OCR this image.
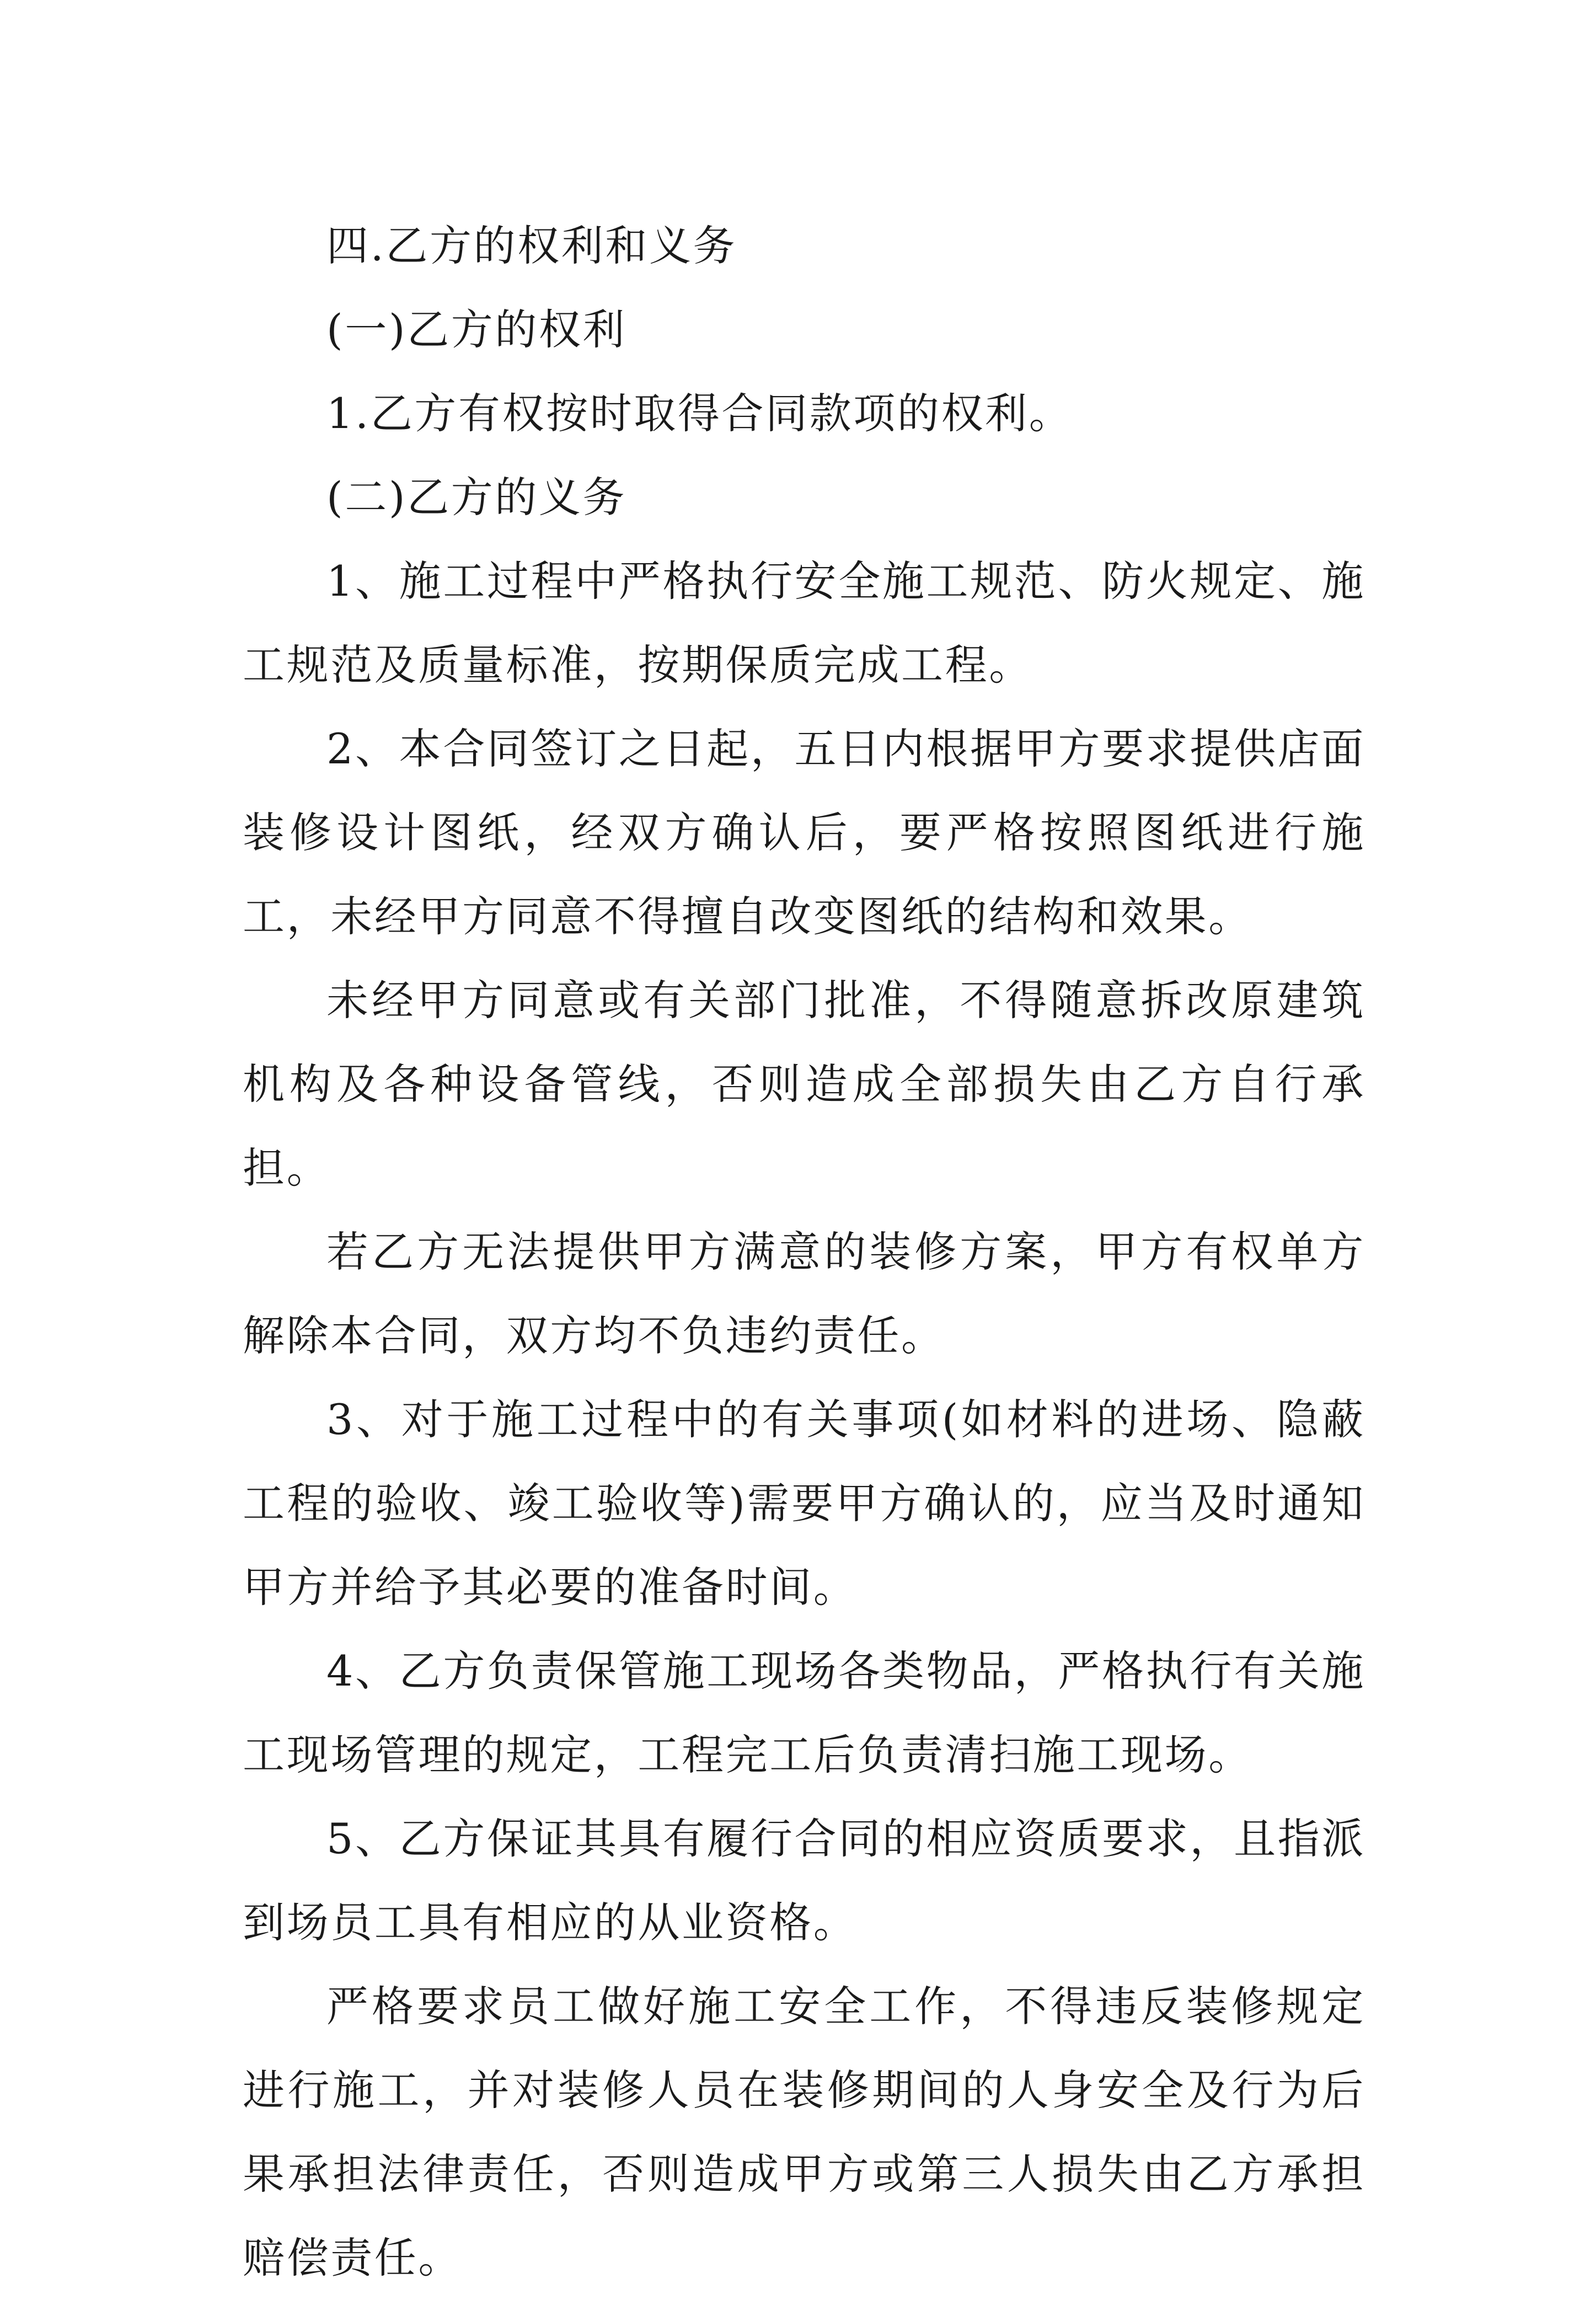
四.乙方的权利和义务

(一)乙方的权利

1.乙方有权按时取得合同款项的权利。

(二)乙方的义务

1、施工过程中严格执行安全施工规范、防火规定、施工规范及质量标准，按期保质完成工程。

2、本合同签订之日起，五日内根据甲方要求提供店面装修设计图纸，经双方确认后，要严格按照图纸进行施工，未经甲方同意不得擅自改变图纸的结构和效果。

未经甲方同意或有关部门批准，不得随意拆改原建筑机构及各种设备管线，否则造成全部损失由乙方自行承担。

若乙方无法提供甲方满意的装修方案，甲方有权单方解除本合同，双方均不负违约责任。

3、对于施工过程中的有关事项(如材料的进场、隐蔽工程的验收、竣工验收等)需要甲方确认的，应当及时通知甲方并给予其必要的准备时间。

4、乙方负责保管施工现场各类物品，严格执行有关施工现场管理的规定，工程完工后负责清扫施工现场。

5、乙方保证其具有履行合同的相应资质要求，且指派到场员工具有相应的从业资格。

严格要求员工做好施工安全工作，不得违反装修规定进行施工，并对装修人员在装修期间的人身安全及行为后果承担法律责任，否则造成甲方或第三人损失由乙方承担赔偿责任。
